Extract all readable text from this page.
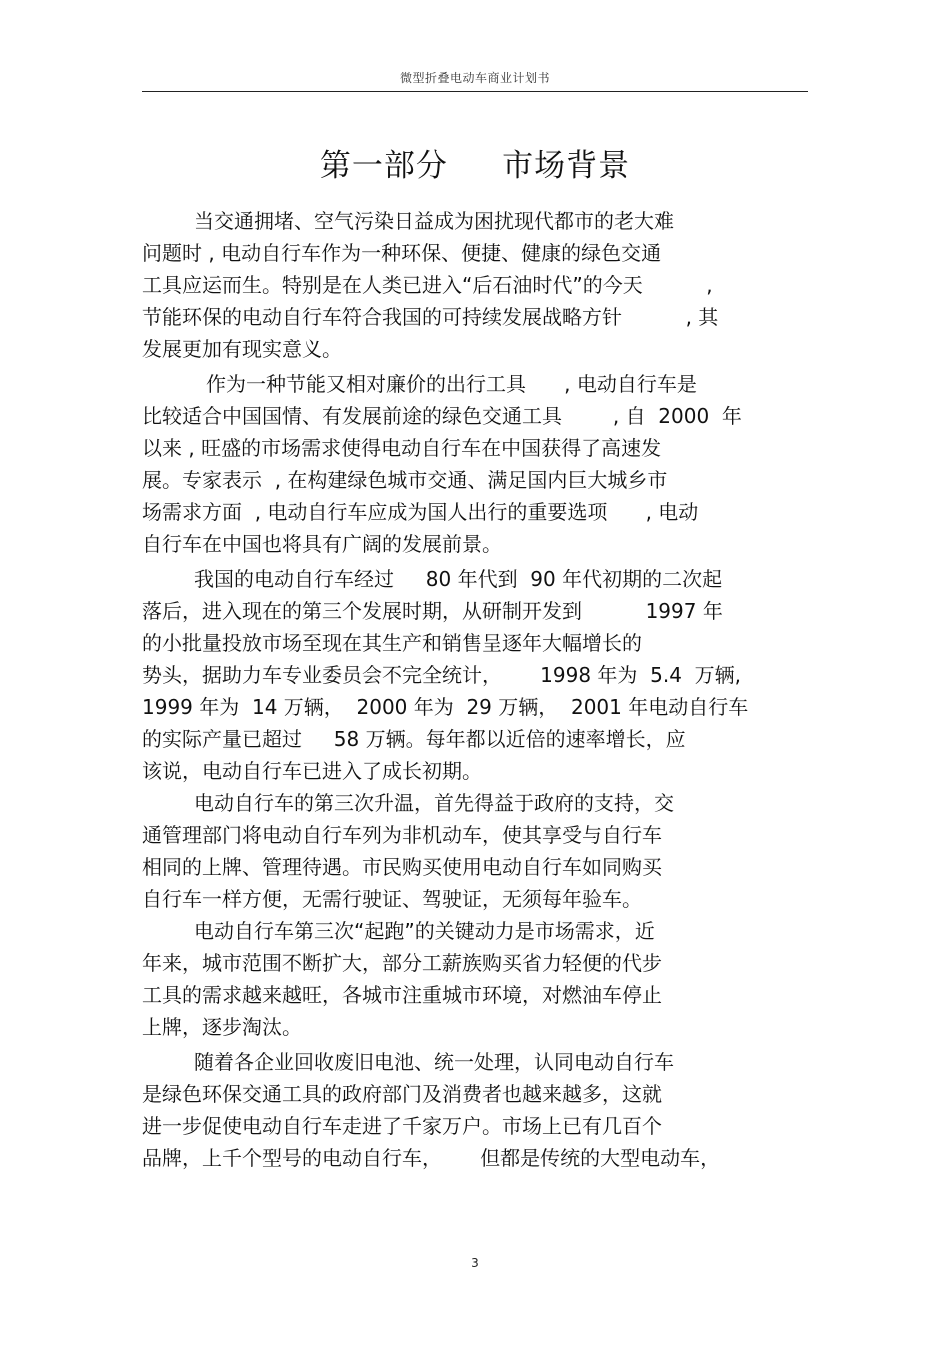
微型折叠电动车商业计划书
第一部分     市场背景
当交通拥堵、空气污染日益成为困扰现代都市的老大难
问题时 , 电动自行车作为一种环保、便捷、健康的绿色交通
工具应运而生。特别是在人类已进入“后石油时代”的今天          ,
节能环保的电动自行车符合我国的可持续发展战略方针          , 其
发展更加有现实意义。
作为一种节能又相对廉价的出行工具      , 电动自行车是
比较适合中国国情、有发展前途的绿色交通工具        , 自  2000  年
以来 , 旺盛的市场需求使得电动自行车在中国获得了高速发
展。专家表示  , 在构建绿色城市交通、满足国内巨大城乡市
场需求方面  , 电动自行车应成为国人出行的重要选项      , 电动
自行车在中国也将具有广阔的发展前景。
我国的电动自行车经过     80 年代到  90 年代初期的二次起
落后，进入现在的第三个发展时期，从研制开发到          1997 年
的小批量投放市场至现在其生产和销售呈逐年大幅增长的
势头，据助力车专业委员会不完全统计，      1998 年为  5.4  万辆,
1999 年为  14 万辆，  2000 年为  29 万辆，  2001 年电动自行车
的实际产量已超过     58 万辆。每年都以近倍的速率增长，应
该说，电动自行车已进入了成长初期。
电动自行车的第三次升温，首先得益于政府的支持，交
通管理部门将电动自行车列为非机动车，使其享受与自行车
相同的上牌、管理待遇。市民购买使用电动自行车如同购买
自行车一样方便，无需行驶证、驾驶证，无须每年验车。
电动自行车第三次“起跑”的关键动力是市场需求，近
年来，城市范围不断扩大，部分工薪族购买省力轻便的代步
工具的需求越来越旺，各城市注重城市环境，对燃油车停止
上牌，逐步淘汰。
随着各企业回收废旧电池、统一处理，认同电动自行车
是绿色环保交通工具的政府部门及消费者也越来越多，这就
进一步促使电动自行车走进了千家万户。市场上已有几百个
品牌，上千个型号的电动自行车，      但都是传统的大型电动车，
3
